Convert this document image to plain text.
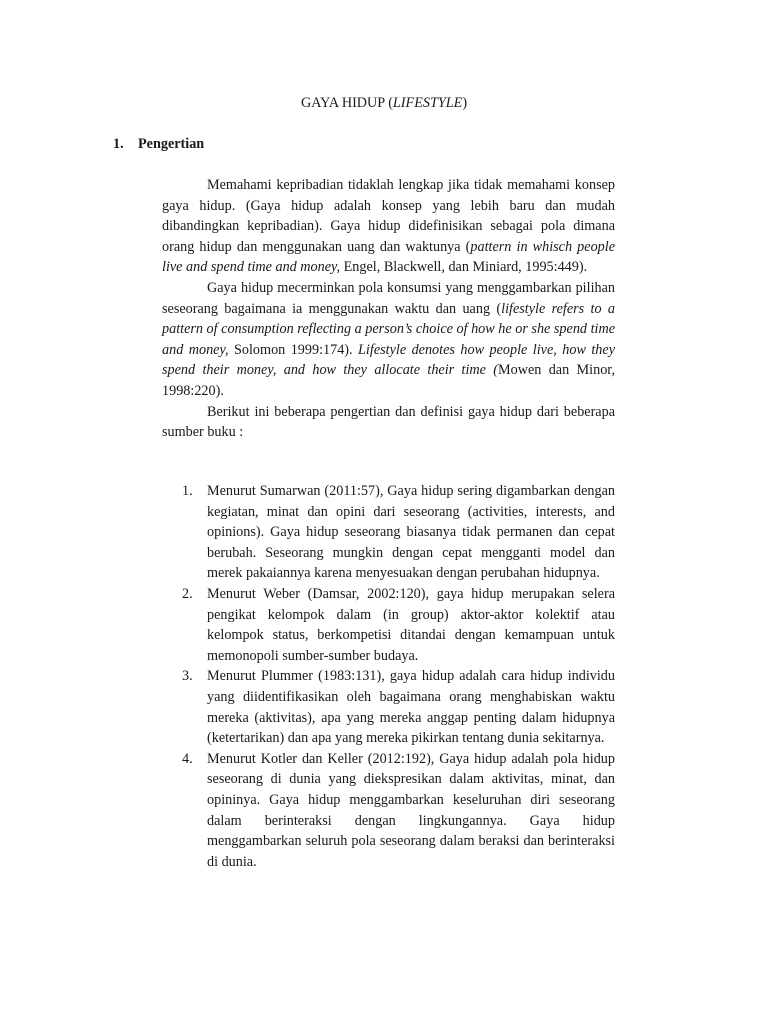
GAYA HIDUP (LIFESTYLE)
1. Pengertian

Memahami kepribadian tidaklah lengkap jika tidak memahami konsep gaya hidup. (Gaya hidup adalah konsep yang lebih baru dan mudah dibandingkan kepribadian). Gaya hidup didefinisikan sebagai pola dimana orang hidup dan menggunakan uang dan waktunya (pattern in whisch people live and spend time and money, Engel, Blackwell, dan Miniard, 1995:449).

Gaya hidup mecerminkan pola konsumsi yang menggambarkan pilihan seseorang bagaimana ia menggunakan waktu dan uang (lifestyle refers to a pattern of consumption reflecting a person’s choice of how he or she spend time and money, Solomon 1999:174). Lifestyle denotes how people live, how they spend their money, and how they allocate their time (Mowen dan Minor, 1998:220).

Berikut ini beberapa pengertian dan definisi gaya hidup dari beberapa sumber buku :

1. Menurut Sumarwan (2011:57), Gaya hidup sering digambarkan dengan kegiatan, minat dan opini dari seseorang (activities, interests, and opinions). Gaya hidup seseorang biasanya tidak permanen dan cepat berubah. Seseorang mungkin dengan cepat mengganti model dan merek pakaiannya karena menyesuakan dengan perubahan hidupnya.
2. Menurut Weber (Damsar, 2002:120), gaya hidup merupakan selera pengikat kelompok dalam (in group) aktor-aktor kolektif atau kelompok status, berkompetisi ditandai dengan kemampuan untuk memonopoli sumber-sumber budaya.
3. Menurut Plummer (1983:131), gaya hidup adalah cara hidup individu yang diidentifikasikan oleh bagaimana orang menghabiskan waktu mereka (aktivitas), apa yang mereka anggap penting dalam hidupnya (ketertarikan) dan apa yang mereka pikirkan tentang dunia sekitarnya.
4. Menurut Kotler dan Keller (2012:192), Gaya hidup adalah pola hidup seseorang di dunia yang diekspresikan dalam aktivitas, minat, dan opininya. Gaya hidup menggambarkan keseluruhan diri seseorang dalam berinteraksi dengan lingkungannya. Gaya hidup menggambarkan seluruh pola seseorang dalam beraksi dan berinteraksi di dunia.
